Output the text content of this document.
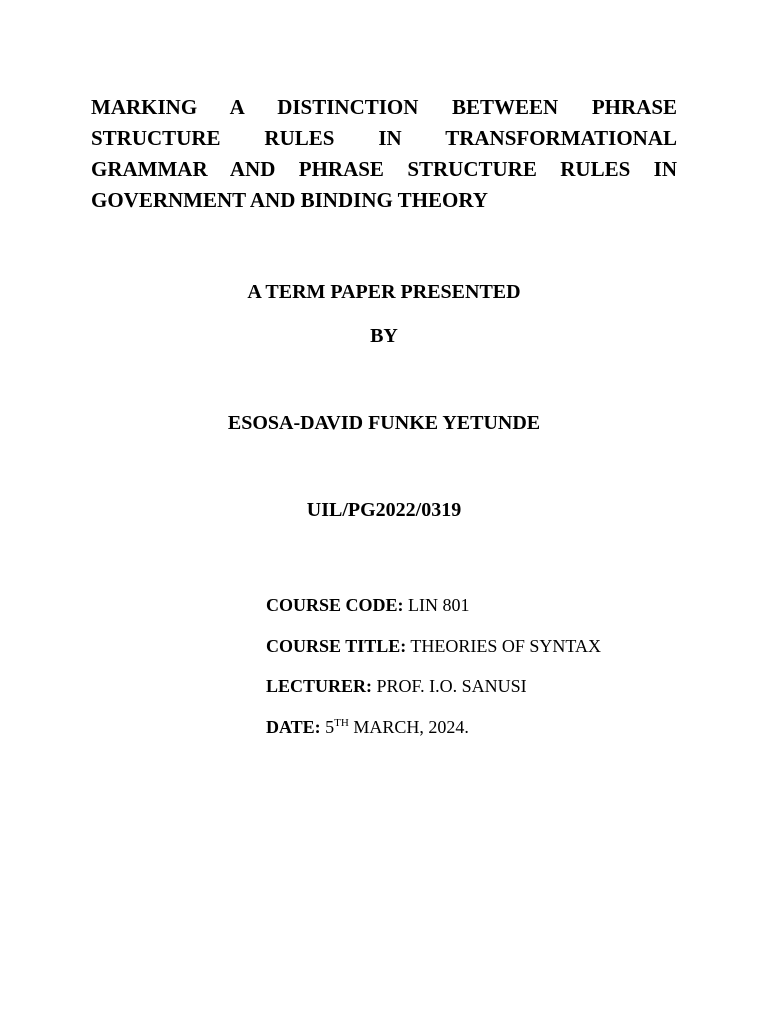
MARKING A DISTINCTION BETWEEN PHRASE STRUCTURE RULES IN TRANSFORMATIONAL GRAMMAR AND PHRASE STRUCTURE RULES IN GOVERNMENT AND BINDING THEORY

A TERM PAPER PRESENTED

BY

ESOSA-DAVID FUNKE YETUNDE

UIL/PG2022/0319

COURSE CODE: LIN 801
COURSE TITLE: THEORIES OF SYNTAX
LECTURER: PROF. I.O. SANUSI
DATE: 5TH MARCH, 2024.
